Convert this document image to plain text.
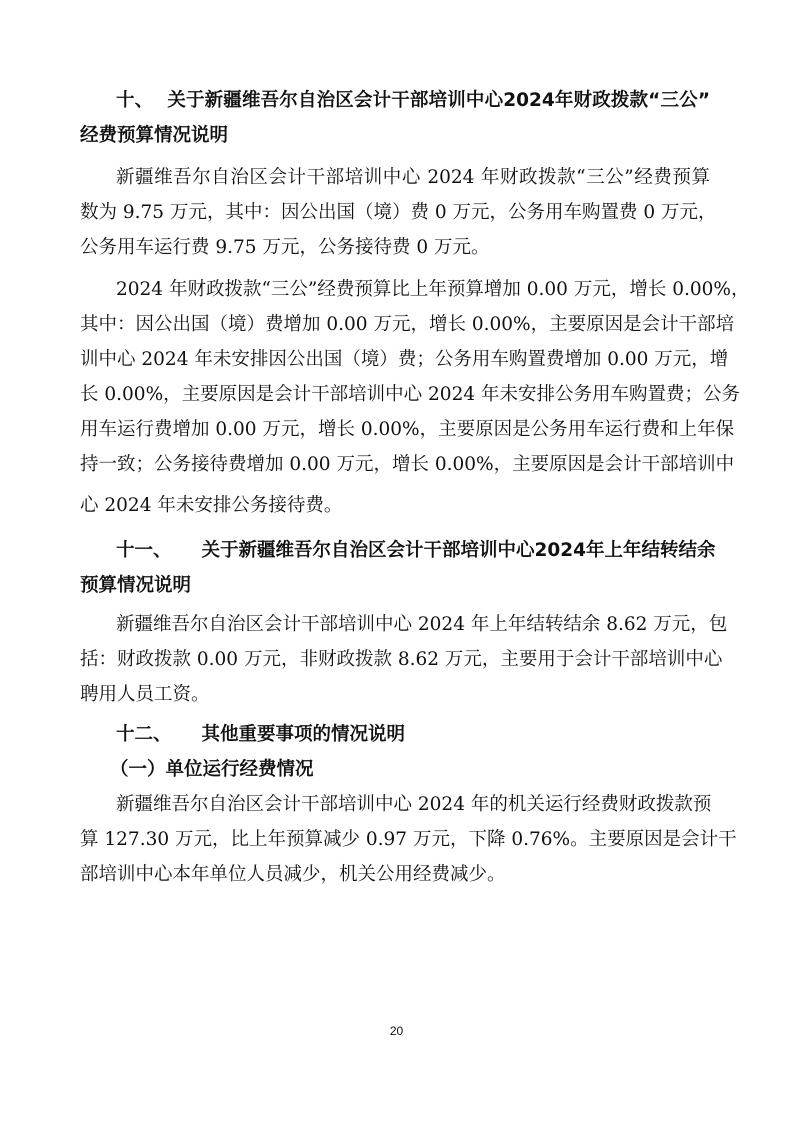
十、 关于新疆维吾尔自治区会计干部培训中心2024年财政拨款“三公”
经费预算情况说明
新疆维吾尔自治区会计干部培训中心 2024 年财政拨款“三公”经费预算
数为 9.75 万元，其中：因公出国（境）费 0 万元，公务用车购置费 0 万元，
公务用车运行费 9.75 万元，公务接待费 0 万元。
2024 年财政拨款“三公”经费预算比上年预算增加 0.00 万元，增长 0.00%，
其中：因公出国（境）费增加 0.00 万元，增长 0.00%，主要原因是会计干部培
训中心 2024 年未安排因公出国（境）费；公务用车购置费增加 0.00 万元，增
长 0.00%，主要原因是会计干部培训中心 2024 年未安排公务用车购置费；公务
用车运行费增加 0.00 万元，增长 0.00%，主要原因是公务用车运行费和上年保
持一致；公务接待费增加 0.00 万元，增长 0.00%，主要原因是会计干部培训中
心 2024 年未安排公务接待费。
十一、 关于新疆维吾尔自治区会计干部培训中心2024年上年结转结余
预算情况说明
新疆维吾尔自治区会计干部培训中心 2024 年上年结转结余 8.62 万元，包
括：财政拨款 0.00 万元，非财政拨款 8.62 万元，主要用于会计干部培训中心
聘用人员工资。
十二、 其他重要事项的情况说明
（一）单位运行经费情况
新疆维吾尔自治区会计干部培训中心 2024 年的机关运行经费财政拨款预
算 127.30 万元，比上年预算减少 0.97 万元，下降 0.76%。主要原因是会计干
部培训中心本年单位人员减少，机关公用经费减少。
20
